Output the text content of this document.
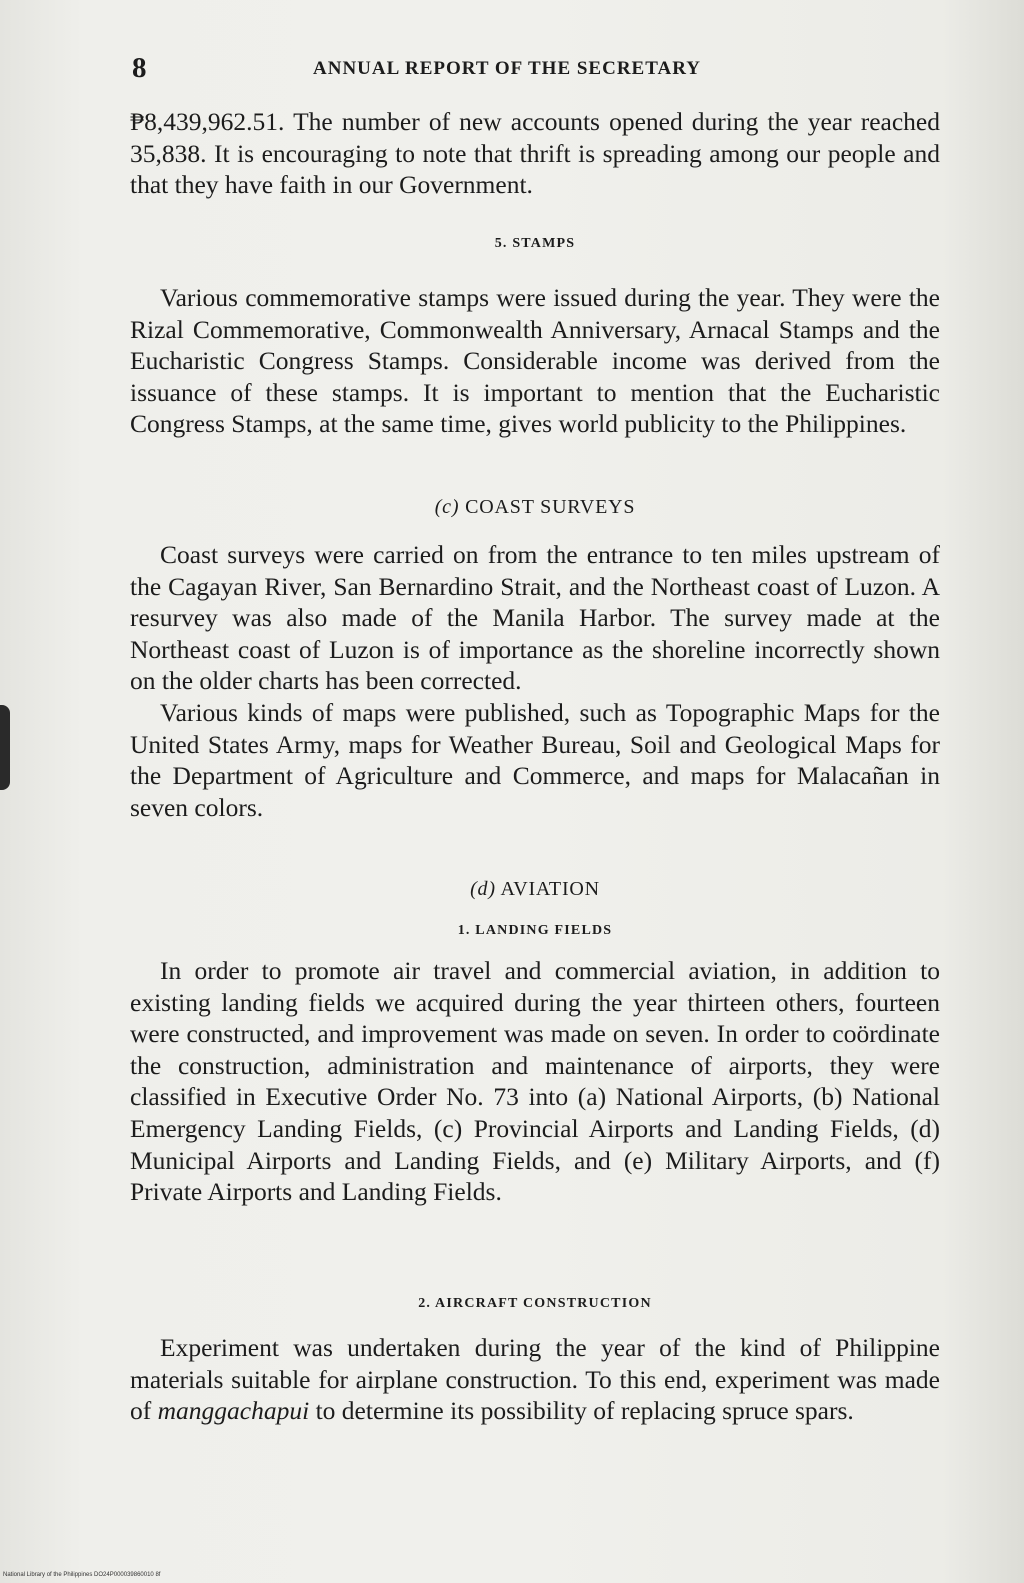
8	ANNUAL REPORT OF THE SECRETARY

₱8,439,962.51. The number of new accounts opened during the year reached 35,838. It is encouraging to note that thrift is spreading among our people and that they have faith in our Government.

5. STAMPS

Various commemorative stamps were issued during the year. They were the Rizal Commemorative, Commonwealth Anniversary, Arnacal Stamps and the Eucharistic Congress Stamps. Considerable income was derived from the issuance of these stamps. It is important to mention that the Eucharistic Congress Stamps, at the same time, gives world publicity to the Philippines.

(c) COAST SURVEYS

Coast surveys were carried on from the entrance to ten miles upstream of the Cagayan River, San Bernardino Strait, and the Northeast coast of Luzon. A resurvey was also made of the Manila Harbor. The survey made at the Northeast coast of Luzon is of importance as the shoreline incorrectly shown on the older charts has been corrected.

Various kinds of maps were published, such as Topographic Maps for the United States Army, maps for Weather Bureau, Soil and Geological Maps for the Department of Agriculture and Commerce, and maps for Malacañan in seven colors.

(d) AVIATION
1. LANDING FIELDS

In order to promote air travel and commercial aviation, in addition to existing landing fields we acquired during the year thirteen others, fourteen were constructed, and improvement was made on seven. In order to coördinate the construction, administration and maintenance of airports, they were classified in Executive Order No. 73 into (a) National Airports, (b) National Emergency Landing Fields, (c) Provincial Airports and Landing Fields, (d) Municipal Airports and Landing Fields, and (e) Military Airports, and (f) Private Airports and Landing Fields.

2. AIRCRAFT CONSTRUCTION

Experiment was undertaken during the year of the kind of Philippine materials suitable for airplane construction. To this end, experiment was made of manggachapui to determine its possibility of replacing spruce spars.

National Library of the Philippines DO24P000039860010 8f
